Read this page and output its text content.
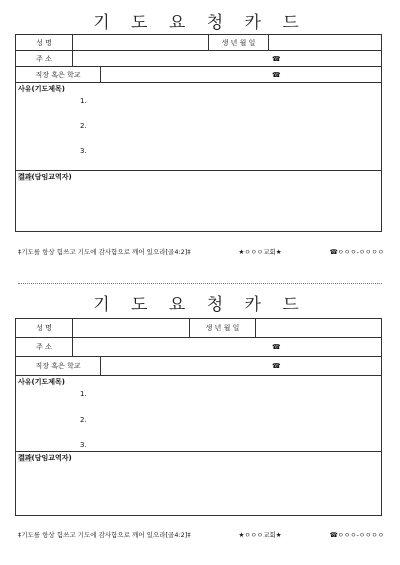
기 도 요 청 카 드
성 명	생 년 월 일
주 소	☎
직장 혹은 학교	☎
사유(기도제목)
1.
2.
3.
결과(담임교역자)
‡기도를 항상 힘쓰고 기도에 감사함으로 깨어 있으라[골4:2]‡	★ㅇㅇㅇ교회★	☎ㅇㅇㅇ-ㅇㅇㅇㅇ
기 도 요 청 카 드
성 명	생 년 월 일
주 소	☎
직장 혹은 학교	☎
사유(기도제목)
1.
2.
3.
결과(담임교역자)
‡기도를 항상 힘쓰고 기도에 감사함으로 깨어 있으라[골4:2]‡	★ㅇㅇㅇ교회★	☎ㅇㅇㅇ-ㅇㅇㅇㅇ
